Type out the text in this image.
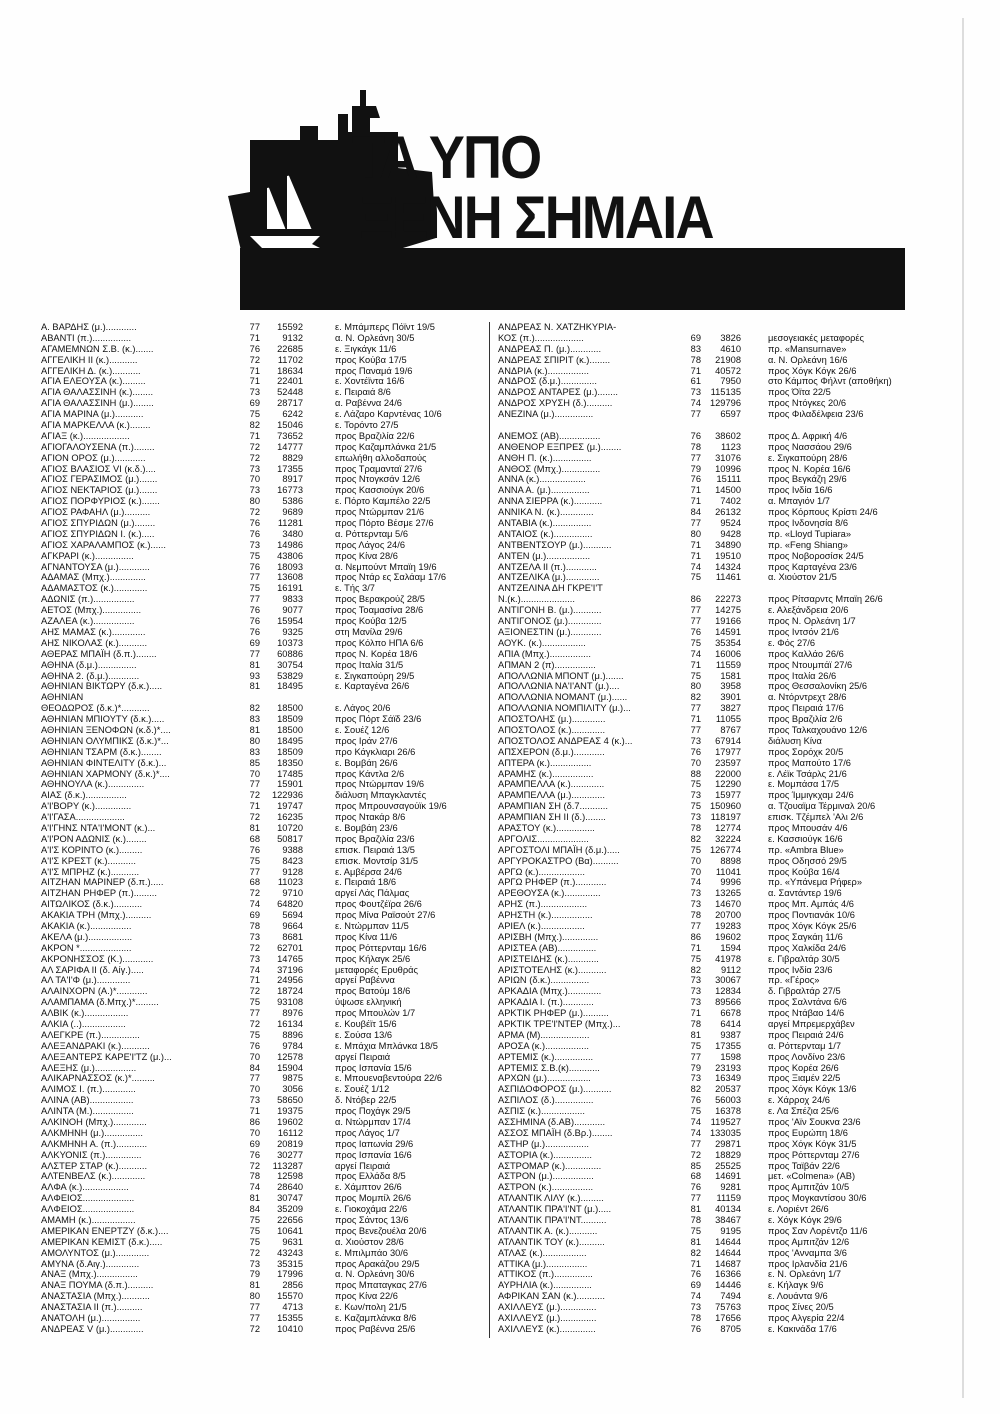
ΤΑ ΥΠΟ
ΞΕΝΗ ΣΗΜΑΙΑ
Α. ΒΑΡΔΗΣ (μ.)............	77	15592	ε. Μπάμπερς Πόϊντ 19/5
ΑΒΑΝΤΙ (π.)...............	71	9132	α. Ν. Ορλεάνη 30/5
ΑΓΑΜΕΜΝΩΝ Σ.Β. (κ.).......	76	22685	ε. Ξιγκάγκ 11/6
ΑΓΓΕΛΙΚΗ ΙΙ (κ.)...........	72	11702	προς Κούβα 17/5
ΑΓΓΕΛΙΚΗ Δ. (κ.)...........	71	18634	προς Παναμά 19/6
ΑΓΙΑ ΕΛΕΟΥΣΑ (κ.).........	71	22401	ε. Χοντέϊντα 16/6
ΑΓΙΑ ΘΑΛΑΣΣΙΝΗ (κ.)........	73	52448	ε. Πειραιά 8/6
ΑΓΙΑ ΘΑΛΑΣΣΙΝΗ (μ.)........	69	28717	α. Ραβέννα 24/6
ΑΓΙΑ ΜΑΡΙΝΑ (μ.)...........	75	6242	ε. Λάζαρο Καρντένας 10/6
ΑΓΙΑ ΜΑΡΚΕΛΛΑ (κ.)........	82	15046	ε. Τορόντο 27/5
ΑΓΙΑΞ (κ.)..................	71	73652	προς Βραζιλία 22/6
ΑΓΙΟΓΑΛΟΥΣΕΝΑ (π.)........	72	14777	προς Καζαμπλάνκα 21/5
ΑΓΙΟΝ ΟΡΟΣ (μ.)............	72	8829	επωλήθη αλλοδαπούς
ΑΓΙΟΣ ΒΛΑΣΙΟΣ VI (κ.δ.)....	73	17355	προς Τραμανταϊ 27/6
ΑΓΙΟΣ ΓΕΡΑΣΙΜΟΣ (μ.).......	70	8917	προς Ντογκσάν 12/6
ΑΓΙΟΣ ΝΕΚΤΑΡΙΟΣ (μ.).......	73	16773	προς Κασσιούγκ 20/6
ΑΓΙΟΣ ΠΟΡΦΥΡΙΟΣ (κ.).......	80	5386	ε. Πόρτο Καμπέλο 22/5
ΑΓΙΟΣ ΡΑΦΑΗΛ (μ.)..........	72	9689	προς Ντώρμπαν 21/6
ΑΓΙΟΣ ΣΠΥΡΙΔΩΝ (μ.)........	76	11281	προς Πόρτο Βέσμε 27/6
ΑΓΙΟΣ ΣΠΥΡΙΔΩΝ Ι. (κ.).....	76	3480	α. Ρόττερνταμ 5/6
ΑΓΙΟΣ ΧΑΡΑΛΑΜΠΟΣ (κ.)......	73	14986	προς Λάγος 24/6
ΑΓΚΡΑΡΙ (κ.)...............	75	43806	προς Κίνα 28/6
ΑΓΝΑΝΤΟΥΣΑ (μ.)............	76	18093	α. Νεμπούντ Μπαϊη 19/6
ΑΔΑΜΑΣ (Μπχ.)..............	77	13608	προς Ντάρ ες Σαλάαμ 17/6
ΑΔΑΜΑΣΤΟΣ (κ.).............	75	16191	ε. Τής 3/7
ΑΔΩΝΙΣ (π.)................	77	9833	προς Βερακρούζ 28/5
ΑΕΤΟΣ (Μπχ.)...............	76	9077	προς Τοαμασίνα 28/6
ΑΖΑΛΕΑ (κ.)................	76	15954	προς Κούβα 12/5
ΑΗΣ ΜΑΜΑΣ (κ.).............	76	9325	στη Μανίλα 29/6
ΑΗΣ ΝΙΚΟΛΑΣ (κ.)...........	69	10373	προς Κόλπο ΗΠΑ 6/6
ΑΘΕΡΑΣ ΜΠΑΪΗ (δ.π.)........	77	60886	προς Ν. Κορέα 18/6
ΑΘΗΝΑ (δ.μ.)...............	81	30754	προς Ιταλία 31/5
ΑΘΗΝΑ 2. (δ.μ.)............	93	53829	ε. Σιγκαπούρη 29/5
ΑΘΗΝΙΑΝ ΒΙΚΤΩΡΥ (δ.κ.).....	81	18495	ε. Καρταγένα 26/6
ΑΘΗΝΙΑΝ
ΘΕΟΔΩΡΟΣ (δ.κ.)*...........	82	18500	ε. Λάγος 20/6
ΑΘΗΝΙΑΝ ΜΠΙΟΥΤΥ (δ.κ.).....	83	18509	προς Πόρτ Σάϊδ 23/6
ΑΘΗΝΙΑΝ ΞΕΝΟΦΩΝ (κ.δ.)*....	81	18500	ε. Σουέζ 12/6
ΑΘΗΝΙΑΝ ΟΛΥΜΠΙΚΣ (δ.κ.)*...	80	18495	προς Ιράν 27/6
ΑΘΗΝΙΑΝ ΤΣΑΡΜ (δ.κ.)........	83	18509	προ Κάγκλιαρι 26/6
ΑΘΗΝΙΑΝ ΦΙΝΤΕΛΙΤΥ (δ.κ.)...	85	18350	ε. Βομβάη 26/6
ΑΘΗΝΙΑΝ ΧΑΡΜΟΝΥ (δ.κ.)*....	70	17485	προς Κάντλα 2/6
ΑΘΗΝΟΥΛΑ (κ.)..............	77	15901	προς Ντώρμπαν 19/6
ΑΙΑΣ (δ.κ.)................	72	122936	διάλυση Μπαγκλαντές
Α'Ι'ΒΟΡΥ (κ.)..............	71	19747	προς Μπρουνσαγούϊκ 19/6
Α'Ι'ΓΑΣΑ...................	72	16235	προς Ντακάρ 8/6
Α'Ι'ΓΗΝΣ ΝΤΑ'Ι'ΜΟΝΤ (κ.)...	81	10720	ε. Βομβάη 23/6
Α'Ι'ΡΟΝ ΑΔΩΝΙΣ (κ.)........	68	50817	προς Βραζιλία 23/6
Α'Ι'Σ ΚΟΡΙΝΤΟ (κ.).........	76	9388	επισκ. Πειραιά 13/5
Α'Ι'Σ ΚΡΕΣΤ (κ.)...........	75	8423	επισκ. Μοντσίρ 31/5
Α'Ι'Σ ΜΠΡΗΖ (κ.)...........	77	9128	ε. Αμβέρσα 24/6
ΑΙΤΖΗΑΝ ΜΑΡΙΝΕΡ (δ.π.).....	68	11023	ε. Πειραιά 18/6
ΑΙΤΖΗΑΝ ΡΗΦΕΡ (π.).........	72	9710	αργεί Λάς Πάλμας
ΑΙΤΩΛΙΚΟΣ (δ.κ.)...........	74	64820	προς Φουτζέϊρα 26/6
ΑΚΑΚΙΑ ΤΡΗ (Μπχ.)..........	69	5694	προς Μίνα Ραϊσούτ 27/6
ΑΚΑΚΙΑ (κ.)................	78	9664	ε. Ντώρμπαν 11/5
ΑΚΕΛΑ (μ.).................	73	8681	προς Κίνα 11/6
ΑΚΡΟΝ *....................	72	62701	προς Ρόττερνταμ 16/6
ΑΚΡΟΝΗΣΣΟΣ (Κ.)............	73	14765	προς Κήλαγκ 25/6
ΑΛ ΣΑΡΙΦΑ ΙΙ (δ. Αίγ.).....	74	37196	μεταφορές Ερυθράς
ΑΛ ΤΑ'Ι'Φ (μ.).............	71	24956	αργεί Ραβέννα
ΑΛΑΙΝΧΟΡΝ (Α.)*............	72	18724	προς Βατούμ 18/6
ΑΛΑΜΠΑΜΑ (δ.Μπχ.)*.........	75	93108	ύψωσε ελληνική
ΑΛΒΙΚ (κ.).................	77	8976	προς Μπουλών 1/7
ΑΛΚΙΑ (..).................	72	16134	ε. Κουβέϊτ 15/6
ΑΛΕΓΚΡΕ (π.)...............	75	8896	ε. Σούσα 13/6
ΑΛΕΞΑΝΔΡΑΚΙ (κ.)...........	76	9784	ε. Μπάχια Μπλάνκα 18/5
ΑΛΕΞΑΝΤΕΡΣ ΚΑΡΕ'Ι'ΤΖ (μ.)...	70	12578	αργεί Πειραιά
ΑΛΕΞΗΣ (μ.)................	84	15904	προς Ισπανία 15/6
ΑΛΙΚΑΡΝΑΣΣΟΣ (κ.)*.........	77	9875	ε. Μπουεναβεντούρα 22/6
ΑΛΙΜΟΣ Ι. (π.).............	70	3056	ε. Σουέζ 1/12
ΑΛΙΝΑ (ΑΒ).................	73	58650	δ. Ντόβερ 22/5
ΑΛΙΝΤΑ (Μ.)................	71	19375	προς Ποχάγκ 29/5
ΑΛΚΙΝΟΗ (Μπχ.).............	86	19602	α. Ντώρμπαν 17/4
ΑΛΚΜΗΝΗ (μ.)...............	70	16112	προς Λάγος 1/7
ΑΛΚΜΗΝΗ Α. (π.)............	69	20819	προς Ιαπωνία 29/6
ΑΛΚΥΟΝΙΣ (π.)..............	76	30277	προς Ισπανία 16/6
ΑΛΣΤΕΡ ΣΤΑΡ (κ.)...........	72	113287	αργεί Πειραιά
ΑΛΤΕΝΒΕΛΣ (κ.).............	78	12598	προς Ελλάδα 8/5
ΑΛΦΑ (κ.)..................	74	28640	ε. Χάμπτον 26/6
ΑΛΦΕΙΟΣ....................	81	30747	προς Μομπίλ 26/6
ΑΛΦΕΙΟΣ....................	84	35209	ε. Γιοκοχάμα 22/6
ΑΜΑΜΗ (κ.).................	75	22656	προς Σάντος 13/6
ΑΜΕΡΙΚΑΝ ΕΝΕΡΤΖΥ (δ.κ.)....	75	10641	προς Βενεζουέλα 20/6
ΑΜΕΡΙΚΑΝ ΚΕΜΙΣΤ (δ.κ.).....	75	9631	α. Χιούστον 28/6
ΑΜΟΛΥΝΤΟΣ (μ.).............	72	43243	ε. Μπιλμπάο 30/6
ΑΜΥΝΑ (δ.Αιγ.).............	73	35315	προς Αρακάζου 29/5
ΑΝΑΞ (Μπχ.)................	79	17996	α. Ν. Ορλεάνη 30/6
ΑΝΑΞ ΠΟΥΜΑ (δ.π.)..........	81	2856	προς Μπαταγκας 27/6
ΑΝΑΣΤΑΣΙΑ (Μπχ.)...........	80	15570	προς Κίνα 22/6
ΑΝΑΣΤΑΣΙΑ ΙΙ (π.)..........	77	4713	ε. Κων/πολη 21/5
ΑΝΑΤΟΛΗ (μ.)...............	77	15355	ε. Καζαμπλάνκα 8/6
ΑΝΔΡΕΑΣ V (μ.).............	72	10410	προς Ραβέννα 25/6
ΑΝΔΡΕΑΣ Ν. ΧΑΤΖΗΚΥΡΙΑ-
ΚΟΣ (π.)...................	69	3826	μεσογειακές μεταφορές
ΑΝΔΡΕΑΣ Π. (μ.)............	83	4610	πρ. «Mansurnave»
ΑΝΔΡΕΑΣ ΣΠΙΡΙΤ (κ.)........	78	21908	α. Ν. Ορλεάνη 16/6
ΑΝΔΡΙΑ (κ.)................	71	40572	προς Χόγκ Κόγκ 26/6
ΑΝΔΡΟΣ (δ.μ.)..............	61	7950	στο Κάμπος Φήλντ (αποθήκη)
ΑΝΔΡΟΣ ΑΝΤΑΡΕΣ (μ.)........	73	115135	προς Όϊτα 22/5
ΑΝΔΡΟΣ ΧΡΥΣΗ (δ.)..........	74 129796	προς Ντόγκες 20/6
ΑΝΕΖΙΝΑ (μ.)...............	77	6597	προς Φιλαδέλφεια 23/6
ΑΝΕΜΟΣ (ΑΒ)................	76	38602	προς Δ. Αφρική 4/6
ΑΝΘΕΝΟΡ ΕΞΠΡΕΣ (μ.)........	78	1123	προς Νασσάου 29/6
ΑΝΘΗ Π. (κ.)...............	77	31076	ε. Σιγκαπούρη 28/6
ΑΝΘΟΣ (Μπχ.)...............	79	10996	προς Ν. Κορέα 16/6
ΑΝΝΑ (κ.)..................	76	15111	προς Βεγκάζη 29/6
ΑΝΝΑ Α. (μ.)...............	71	14500	προς Ινδία 16/6
ΑΝΝΑ ΣΙΕΡΡΑ (κ.)...........	71	7402	α. Μπαγιόν 1/7
ΑΝΝΙΚΑ Ν. (κ.).............	84	26132	προς Κόρπους Κρίστι 24/6
ΑΝΤΑΒΙΑ (κ.)...............	77	9524	προς Ινδονησία 8/6
ΑΝΤΑΙΟΣ (κ.)...............	80	9428	πρ. «Lloyd Tupiara»
ΑΝΤΒΕΝΤΣΟΥΡ (μ.)...........	71	34890	πρ. «Feng Shiang»
ΑΝΤΕΝ (μ.).................	71	19510	προς Νοβοροσίσκ 24/5
ΑΝΤΖΕΛΑ ΙΙ (π.)............	74	14324	προς Καρταγένα 23/6
ΑΝΤΖΕΛΙΚΑ (μ.).............	75	11461	α. Χιούστον 21/5
ΑΝΤΖΕΛΙΝΑ ΔΗ ΓΚΡΕ'Ι'Τ
Ν.(κ.).....................	86	22273	προς Ρίτσαρντς Μπαϊη 26/6
ΑΝΤΙΓΟΝΗ Β. (μ.)...........	77	14275	ε. Αλεξάνδρεια 20/6
ΑΝΤΙΓΟΝΟΣ (μ.).............	77	19166	προς Ν. Ορλεάνη 1/7
ΑΞΙΟΝΕΣΤΙΝ (μ.)............	76	14591	προς Ιντσόν 21/6
ΑΟΥΚ. (κ.).................	75	35354	ε. Φός 27/6
ΑΠΙΑ (Μπχ.)................	74	16006	προς Καλλάο 26/6
ΑΠΜΑΝ 2 (π)................	71	11559	προς Ντουμπάϊ 27/6
ΑΠΟΛΛΩΝΙΑ ΜΠΟΝΤ (μ.).......	75	1581	προς Ιταλία 26/6
ΑΠΟΛΛΩΝΙΑ ΝΑ'Ι'ΑΝΤ (μ.)....	80	3958	προς Θεσσαλονίκη 25/6
ΑΠΟΛΛΩΝΙΑ ΝΟΜΑΝΤ (μ.)......	82	3901	α. Ντόρντρεχτ 28/6
ΑΠΟΛΛΩΝΙΑ ΝΟΜΠΙΛΙΤΥ (μ.)...	77	3827	προς Πειραιά 17/6
ΑΠΟΣΤΟΛΗΣ (μ.).............	71	11055	προς Βραζιλία 2/6
ΑΠΟΣΤΟΛΟΣ (κ.).............	77	8767	προς Ταλκαχουάνο 12/6
ΑΠΟΣΤΟΛΟΣ ΑΝΔΡΕΑΣ 4 (κ.)...	73	67914	διάλυση Κίνα
ΑΠΣΧΕΡΟΝ (δ.μ.)............	76	17977	προς Σορόχκ 20/5
ΑΠΤΕΡΑ (κ.)................	70	23597	προς Μαπούτο 17/6
ΑΡΑΜΗΣ (κ.)................	88	22000	ε. Λέϊκ Τσάρλς 21/6
ΑΡΑΜΠΕΛΛΑ (κ.).............	75	12290	ε. Μομπάσα 17/5
ΑΡΑΜΠΕΛΛΑ (μ.).............	73	15977	προς Ίμμιγκχαμ 24/6
ΑΡΑΜΠΙΑΝ ΣΗ (δ.7...........	75 150960	α. Τζουαϊμα Τέρμιναλ 20/6
ΑΡΑΜΠΙΑΝ ΣΗ ΙΙ (δ.)........	73	118197	επισκ. Τζέμπελ 'Αλι 2/6
ΑΡΑΣΤΟΥ (κ.)...............	78	12774	προς Μπουσάν 4/6
ΑΡΓΟΛΙΣ....................	82	32224	ε. Κασσιούγκ 16/6
ΑΡΓΟΣΤΟΛΙ ΜΠΑΪΗ (δ.μ.).....	75 126774	πρ. «Ambra Blue»
ΑΡΓΥΡΟΚΑΣΤΡΟ (Βα)..........	70	8898	προς Οδησσό 29/5
ΑΡΓΩ (κ.)..................	70	11041	προς Κούβα 16/4
ΑΡΓΩ ΡΗΦΕΡ (π.)............	74	9996	πρ. «Υπάνεμα Ρήφερ»
ΑΡΕΘΟΥΣΑ (κ.)..............	73	13265	α. Σαντάντερ 19/6
ΑΡΗΣ (π.)..................	73	14670	προς Μπ. Αμπάς 4/6
ΑΡΗΣΤΗ (κ.)................	78	20700	προς Ποντιανάκ 10/6
ΑΡΙΕΛ (κ.).................	77	19283	προς Χόγκ Κόγκ 25/6
ΑΡΙΣΒΗ (Μπχ.)..............	86	19602	προς Σαγκάη 11/6
ΑΡΙΣΤΕΑ (ΑΒ)...............	71	1594	προς Χαλκίδα 24/6
ΑΡΙΣΤΕΙΔΗΣ (κ.)............	75	41978	ε. Γιβραλτάρ 30/5
ΑΡΙΣΤΟΤΕΛΗΣ (κ.)...........	82	9112	προς Ινδία 23/6
ΑΡΙΩΝ (δ.κ.)...............	73	30067	πρ. «Γέρος»
ΑΡΚΑΔΙΑ (Μπχ.).............	73	12834	δ. Γιβραλτάρ 27/5
ΑΡΚΑΔΙΑ Ι. (π.)............	73	89566	προς Σαλντάνα 6/6
ΑΡΚΤΙΚ ΡΗΦΕΡ (μ.)..........	71	6678	προς Ντάβαο 14/6
ΑΡΚΤΙΚ ΤΡΕ'Ι'ΝΤΕΡ (Μπχ.)...	78	6414	αργεί Μπρεμερχάβεν
ΑΡΜΑ (Μ)...................	81	9387	προς Πειραιά 24/6
ΑΡΟΣΑ (κ.).................	75	17355	α. Ρόττερνταμ 1/7
ΑΡΤΕΜΙΣ (κ.)...............	77	1598	προς Λονδίνο 23/6
ΑΡΤΕΜΙΣ Σ.Β.(κ)............	79	23193	προς Κορέα 26/6
ΑΡΧΩΝ (μ.).................	73	16349	προς Ξιαμέν 22/5
ΑΣΠΙΔΟΦΟΡΟΣ (μ.)...........	82	20537	προς Χόγκ Κόγκ 13/6
ΑΣΠΙΛΟΣ (δ.)...............	76	56003	ε. Χάρροχ 24/6
ΑΣΠΙΣ (κ.).................	75	16378	ε. Λα Σπέζια 25/6
ΑΣΣΗΜΙΝΑ (δ.ΑΒ)............	74	119527	προς 'Αϊν Σουκνα 23/6
ΑΣΣΟΣ ΜΠΑΪΗ (δ.Βρ.)........	74 133035	προς Ευρώπη 18/6
ΑΣΤΗΡ (μ.).................	77	29871	προς Χόγκ Κόγκ 31/5
ΑΣΤΟΡΙΑ (κ.)...............	72	18829	προς Ρόττερνταμ 27/6
ΑΣΤΡΟΜΑΡ (κ.)..............	85	25525	προς Ταϊβάν 22/6
ΑΣΤΡΟΝ (μ.)................	68	14691	μετ. «Colmena» (ΑΒ)
ΑΣΤΡΟΝ (κ.)................	76	9281	προς Αμπιτζάν 10/5
ΑΤΛΑΝΤΙΚ ΛΙΛΥ (κ.).........	77	11159	προς Μογκαντίσου 30/6
ΑΤΛΑΝΤΙΚ ΠΡΑ'Ι'ΝΤ (μ.).....	81	40134	ε. Λοριέντ 26/6
ΑΤΛΑΝΤΙΚ ΠΡΑ'Ι'ΝΤ..........	78	38467	ε. Χόγκ Κόγκ 29/6
ΑΤΛΑΝΤΙΚ Α. (κ.)...........	75	9195	προς Σαν Λορέντζο 11/6
ΑΤΛΑΝΤΙΚ ΤΟΥ (κ.)..........	81	14644	προς Αμπιτζάν 12/6
ΑΤΛΑΣ (κ.).................	82	14644	προς 'Ανναμπα 3/6
ΑΤΤΙΚΑ (μ.)................	71	14687	προς Ιρλανδία 21/6
ΑΤΤΙΚΟΣ (π.)...............	76	16366	ε. Ν. Ορλεάνη 1/7
ΑΥΡΗΛΙΑ (κ.)...............	69	14446	ε. Κήλαγκ 9/6
ΑΦΡΙΚΑΝ ΣΑΝ (κ.)...........	74	7494	ε. Λουάντα 9/6
ΑΧΙΛΛΕΥΣ (μ.)..............	73	75763	προς Σίνες 20/5
ΑΧΙΛΛΕΥΣ (μ.)..............	78	17656	προς Αλγερία 22/4
ΑΧΙΛΛΕΥΣ (κ.)..............	76	8705	ε. Κακινάδα 17/6
